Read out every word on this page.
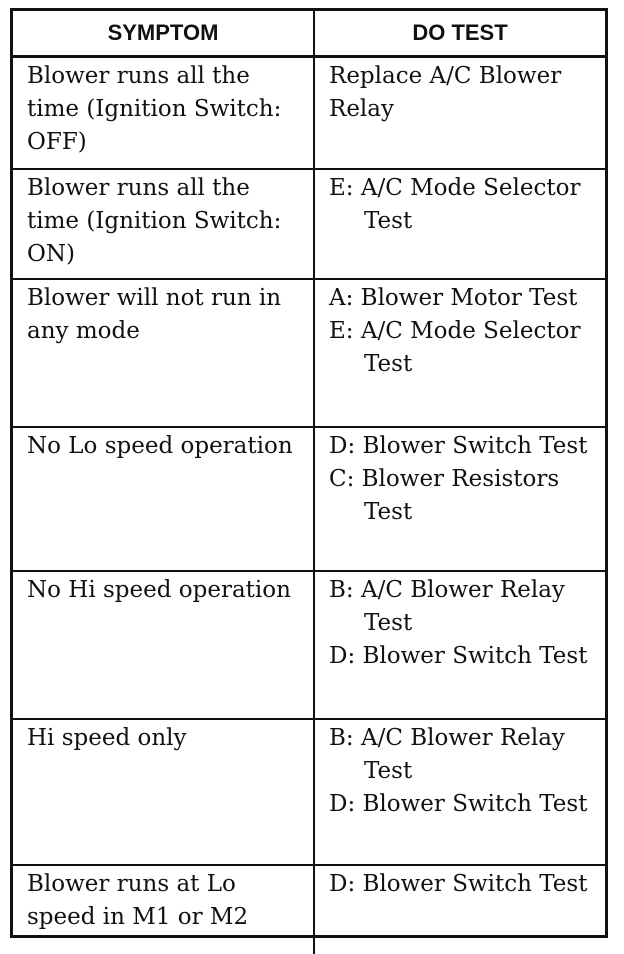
SYMPTOM	DO TEST
Blower runs all the time (Ignition Switch: OFF)	Replace A/C Blower Relay

Blower runs all the time (Ignition Switch: ON)	E: A/C Mode Selector Test

Blower will not run in any mode	A: Blower Motor Test
E: A/C Mode Selector Test

No Lo speed operation	D: Blower Switch Test
C: Blower Resistors Test

No Hi speed operation	B: A/C Blower Relay Test
D: Blower Switch Test

Hi speed only	B: A/C Blower Relay Test
D: Blower Switch Test

Blower runs at Lo speed in M1 or M2	D: Blower Switch Test
